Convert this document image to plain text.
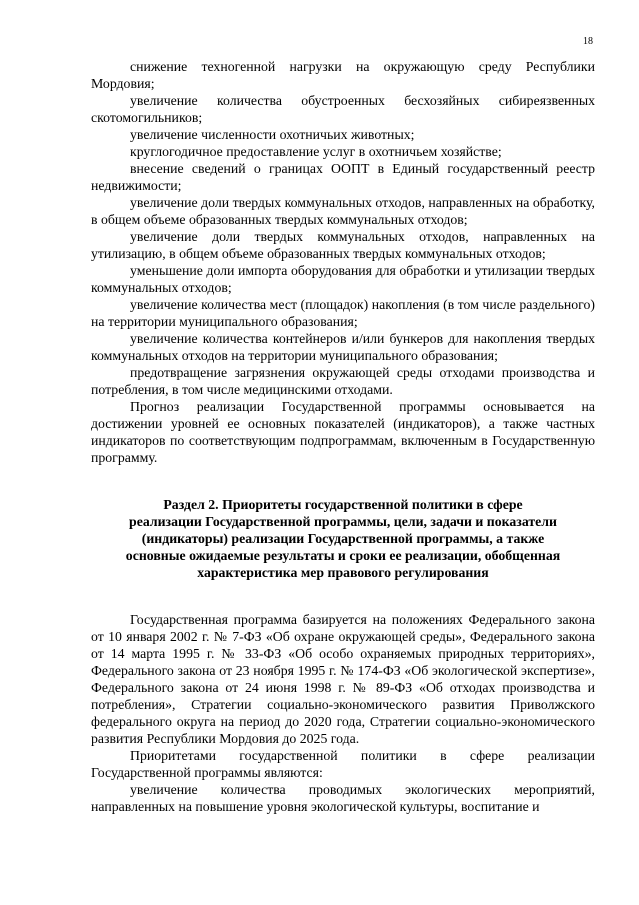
18

снижение техногенной нагрузки на окружающую среду Республики Мордовия;

увеличение количества обустроенных бесхозяйных сибиреязвенных скотомогильников;

увеличение численности охотничьих животных;

круглогодичное предоставление услуг в охотничьем хозяйстве;

внесение сведений о границах ООПТ в Единый государственный реестр недвижимости;

увеличение доли твердых коммунальных отходов, направленных на обработку, в общем объеме образованных твердых коммунальных отходов;

увеличение доли твердых коммунальных отходов, направленных на утилизацию, в общем объеме образованных твердых коммунальных отходов;

уменьшение доли импорта оборудования для обработки и утилизации твердых коммунальных отходов;

увеличение количества мест (площадок) накопления (в том числе раздельного) на территории муниципального образования;

увеличение количества контейнеров и/или бункеров для накопления твердых коммунальных отходов на территории муниципального образования;

предотвращение загрязнения окружающей среды отходами производства и потребления, в том числе медицинскими отходами.

Прогноз реализации Государственной программы основывается на достижении уровней ее основных показателей (индикаторов), а также частных индикаторов по соответствующим подпрограммам, включенным в Государственную программу.

Раздел 2. Приоритеты государственной политики в сфере
реализации Государственной программы, цели, задачи и показатели
(индикаторы) реализации Государственной программы, а также
основные ожидаемые результаты и сроки ее реализации, обобщенная
характеристика мер правового регулирования

Государственная программа базируется на положениях Федерального закона от 10 января 2002 г. № 7-ФЗ «Об охране окружающей среды», Федерального закона от 14 марта 1995 г. № 33-ФЗ «Об особо охраняемых природных территориях», Федерального закона от 23 ноября 1995 г. № 174-ФЗ «Об экологической экспертизе», Федерального закона от 24 июня 1998 г. № 89-ФЗ «Об отходах производства и потребления», Стратегии социально-экономического развития Приволжского федерального округа на период до 2020 года, Стратегии социально-экономического развития Республики Мордовия до 2025 года.

Приоритетами государственной политики в сфере реализации Государственной программы являются:

увеличение количества проводимых экологических мероприятий, направленных на повышение уровня экологической культуры, воспитание и
